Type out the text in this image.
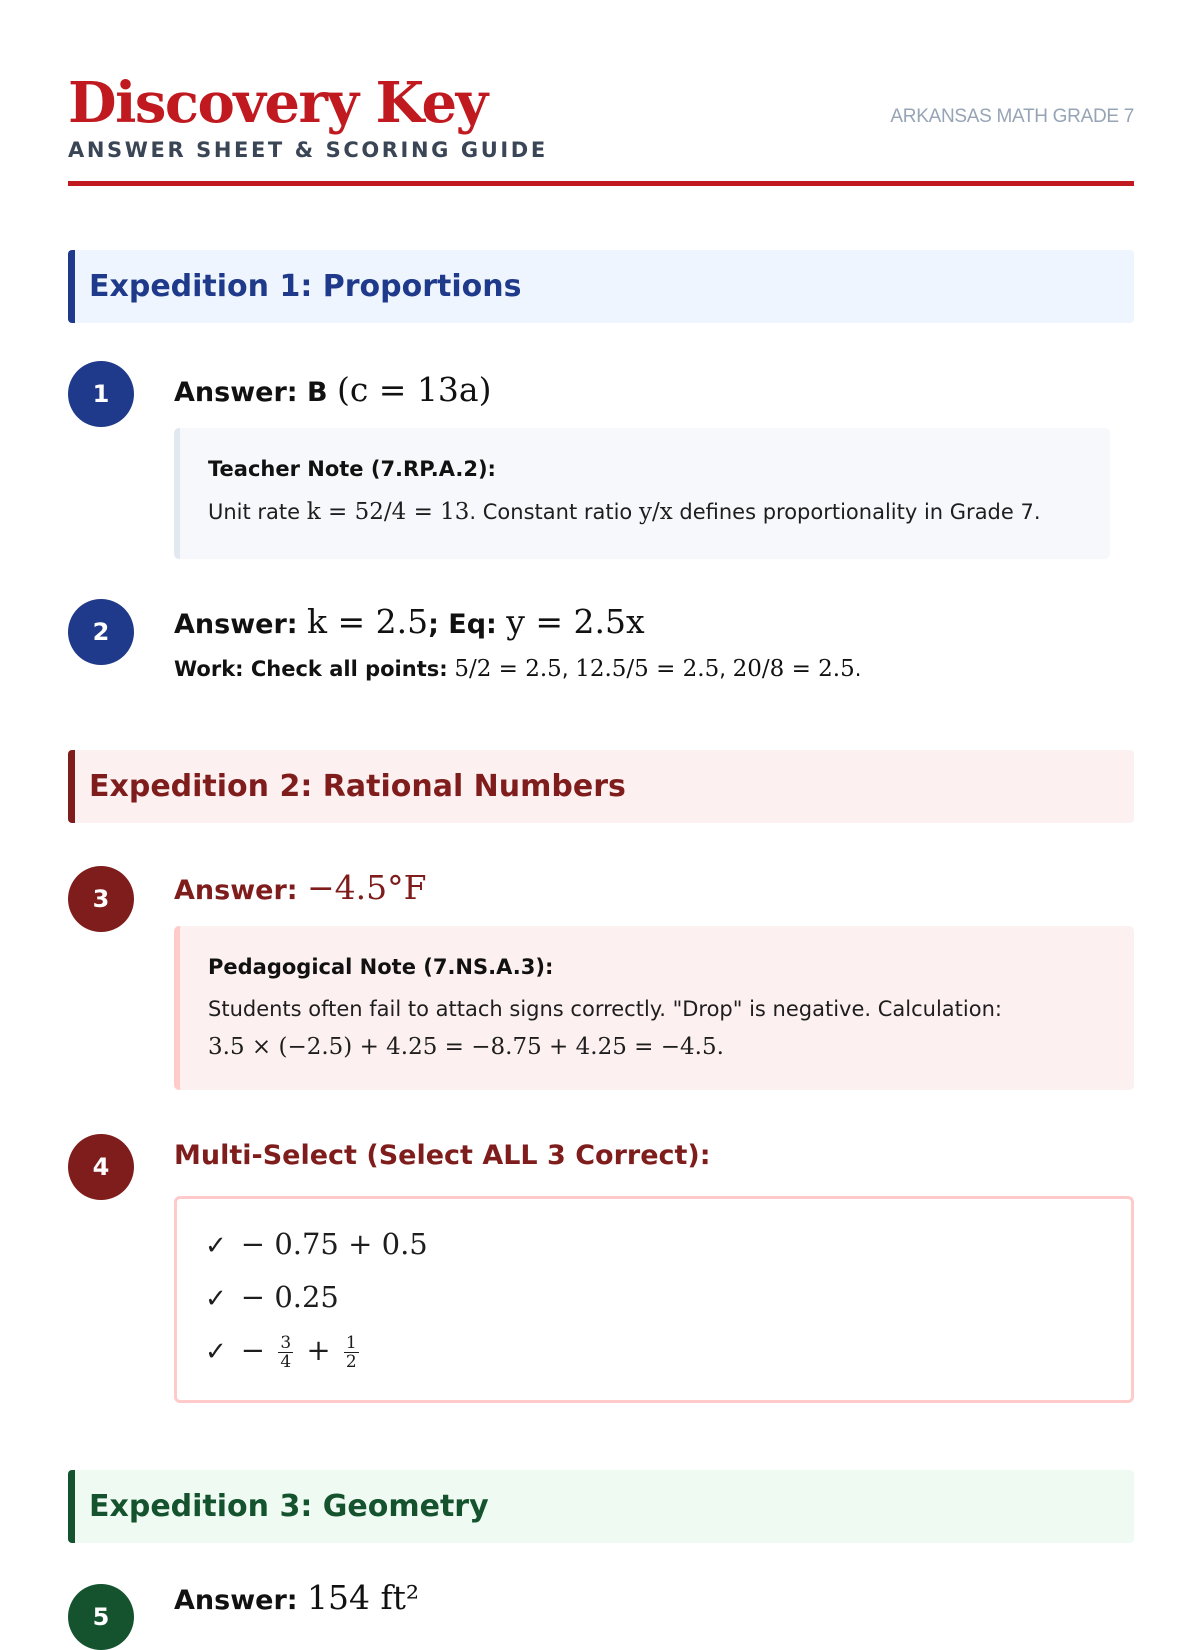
Discovery Key
ANSWER SHEET & SCORING GUIDE
ARKANSAS MATH GRADE 7
Expedition 1: Proportions
1	Answer: B (c = 13a)
Teacher Note (7.RP.A.2):
Unit rate k = 52/4 = 13. Constant ratio y/x defines proportionality in Grade 7.
2	Answer: k = 2.5; Eq: y = 2.5x
Work: Check all points: 5/2 = 2.5, 12.5/5 = 2.5, 20/8 = 2.5.
Expedition 2: Rational Numbers
3	Answer: −4.5°F
Pedagogical Note (7.NS.A.3):
Students often fail to attach signs correctly. "Drop" is negative. Calculation:
3.5 × (−2.5) + 4.25 = −8.75 + 4.25 = −4.5.
4	Multi-Select (Select ALL 3 Correct):
✓ − 0.75 + 0.5
✓ − 0.25
✓ − $\frac{3}{4} + \frac{1}{2}$
Expedition 3: Geometry
5
Answer: 154 ft²
